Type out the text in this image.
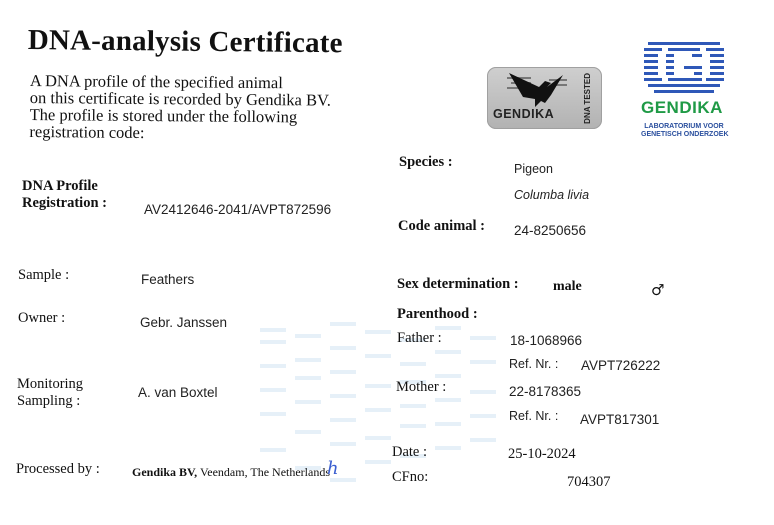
DNA-analysis Certificate
A DNA profile of the specified animal
on this certificate is recorded by Gendika BV.
The profile is stored under the following
registration code:
GENDIKA	DNA TESTED	GENDIKA
LABORATORIUM VOOR
GENETISCH ONDERZOEK
DNA Profile
Registration :	AV2412646-2041/AVPT872596
Sample :	Feathers
Owner :	Gebr. Janssen
Monitoring
Sampling :
A. van Boxtel
Processed by :	Gendika BV, Veendam, The Netherlands
h
Species :	Pigeon
Columba livia
Code animal : 24-8250656
Sex determination : male	♂
Parenthood :
Father :	18-1068966
Ref. Nr. : AVPT726222
Mother :	22-8178365
Ref. Nr. : AVPT817301
Date :	25-10-2024
CFno:	704307
